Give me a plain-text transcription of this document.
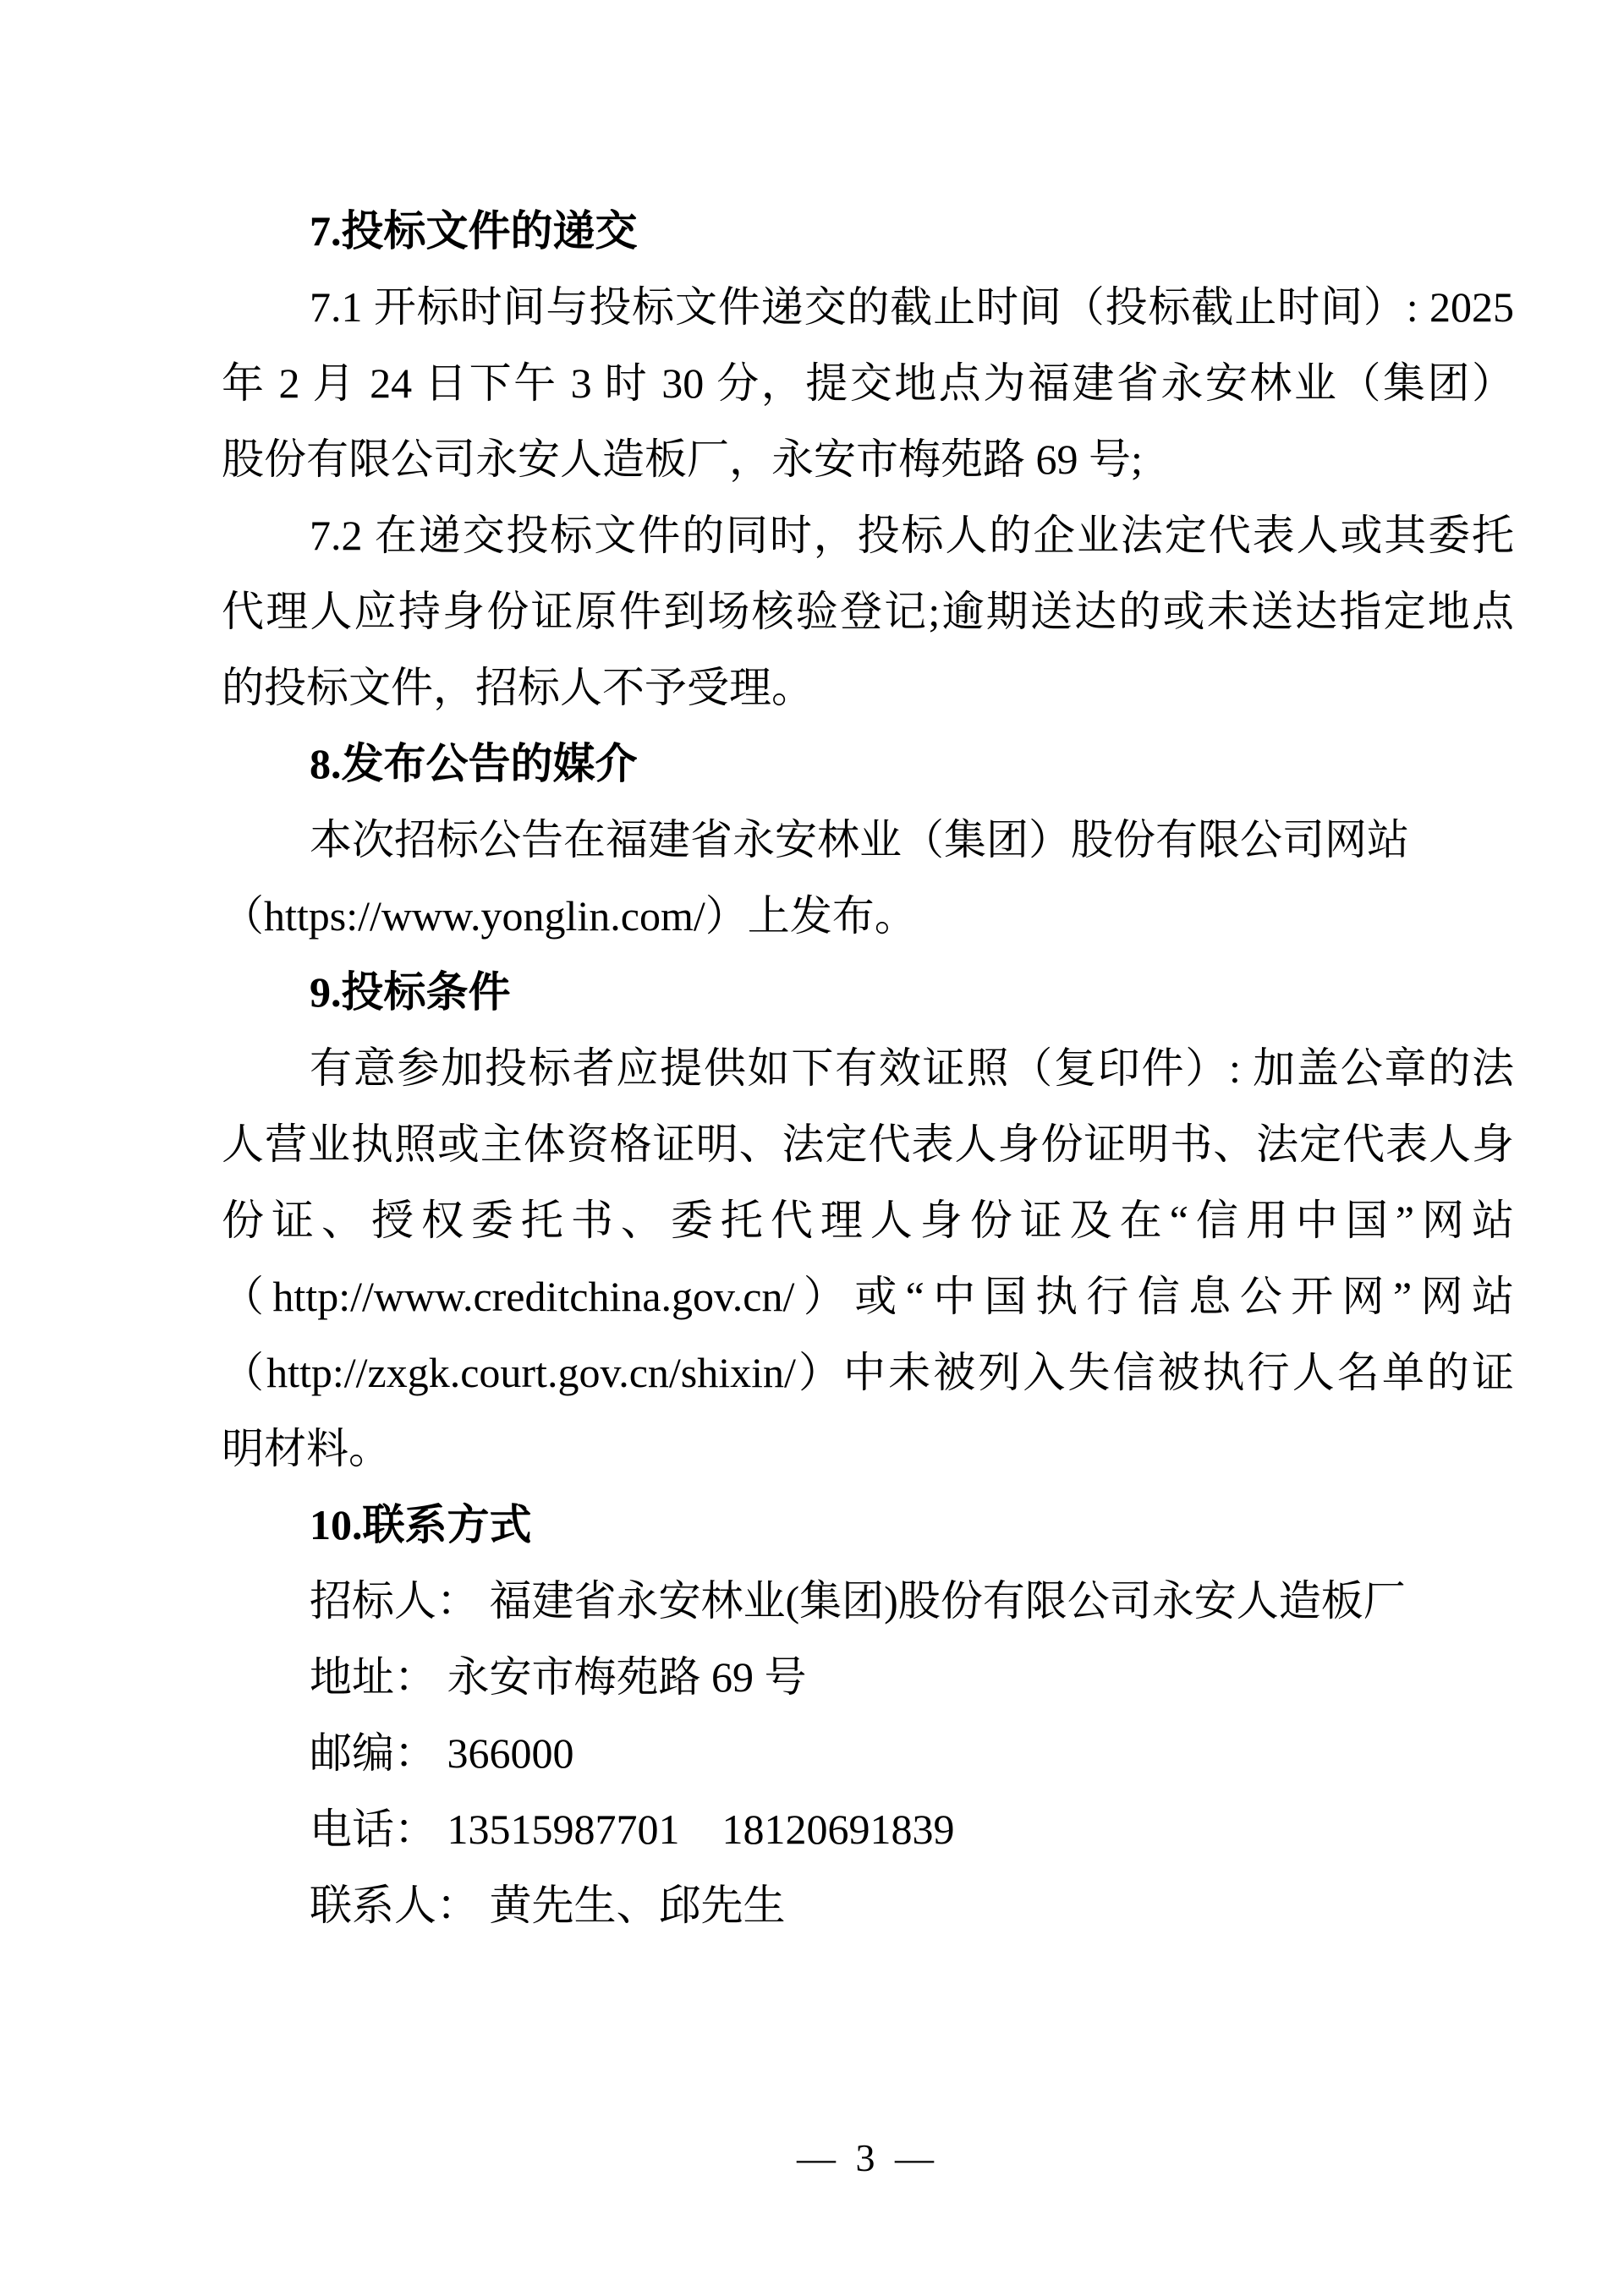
7.投标文件的递交
7.1 开标时间与投标文件递交的截止时间（投标截止时间）: 2025
年 2 月 24 日下午 3 时 30 分，提交地点为福建省永安林业（集团）
股份有限公司永安人造板厂，永安市梅苑路 69 号;
7.2 在递交投标文件的同时，投标人的企业法定代表人或其委托
代理人应持身份证原件到场核验登记;逾期送达的或未送达指定地点
的投标文件，招标人不予受理。
8.发布公告的媒介
本次招标公告在福建省永安林业（集团）股份有限公司网站
（https://www.yonglin.com/）上发布。
9.投标条件
有意参加投标者应提供如下有效证照（复印件）: 加盖公章的法
人营业执照或主体资格证明、法定代表人身份证明书、法定代表人身
份证、授权委托书、委托代理人身份证及在“信用中国”网站
（http://www.creditchina.gov.cn/）或“中国执行信息公开网”网站
（http://zxgk.court.gov.cn/shixin/）中未被列入失信被执行人名单的证
明材料。
10.联系方式
招标人： 福建省永安林业(集团)股份有限公司永安人造板厂
地址： 永安市梅苑路 69 号
邮编： 366000
电话： 13515987701　18120691839
联系人： 黄先生、邱先生
— 3 —
